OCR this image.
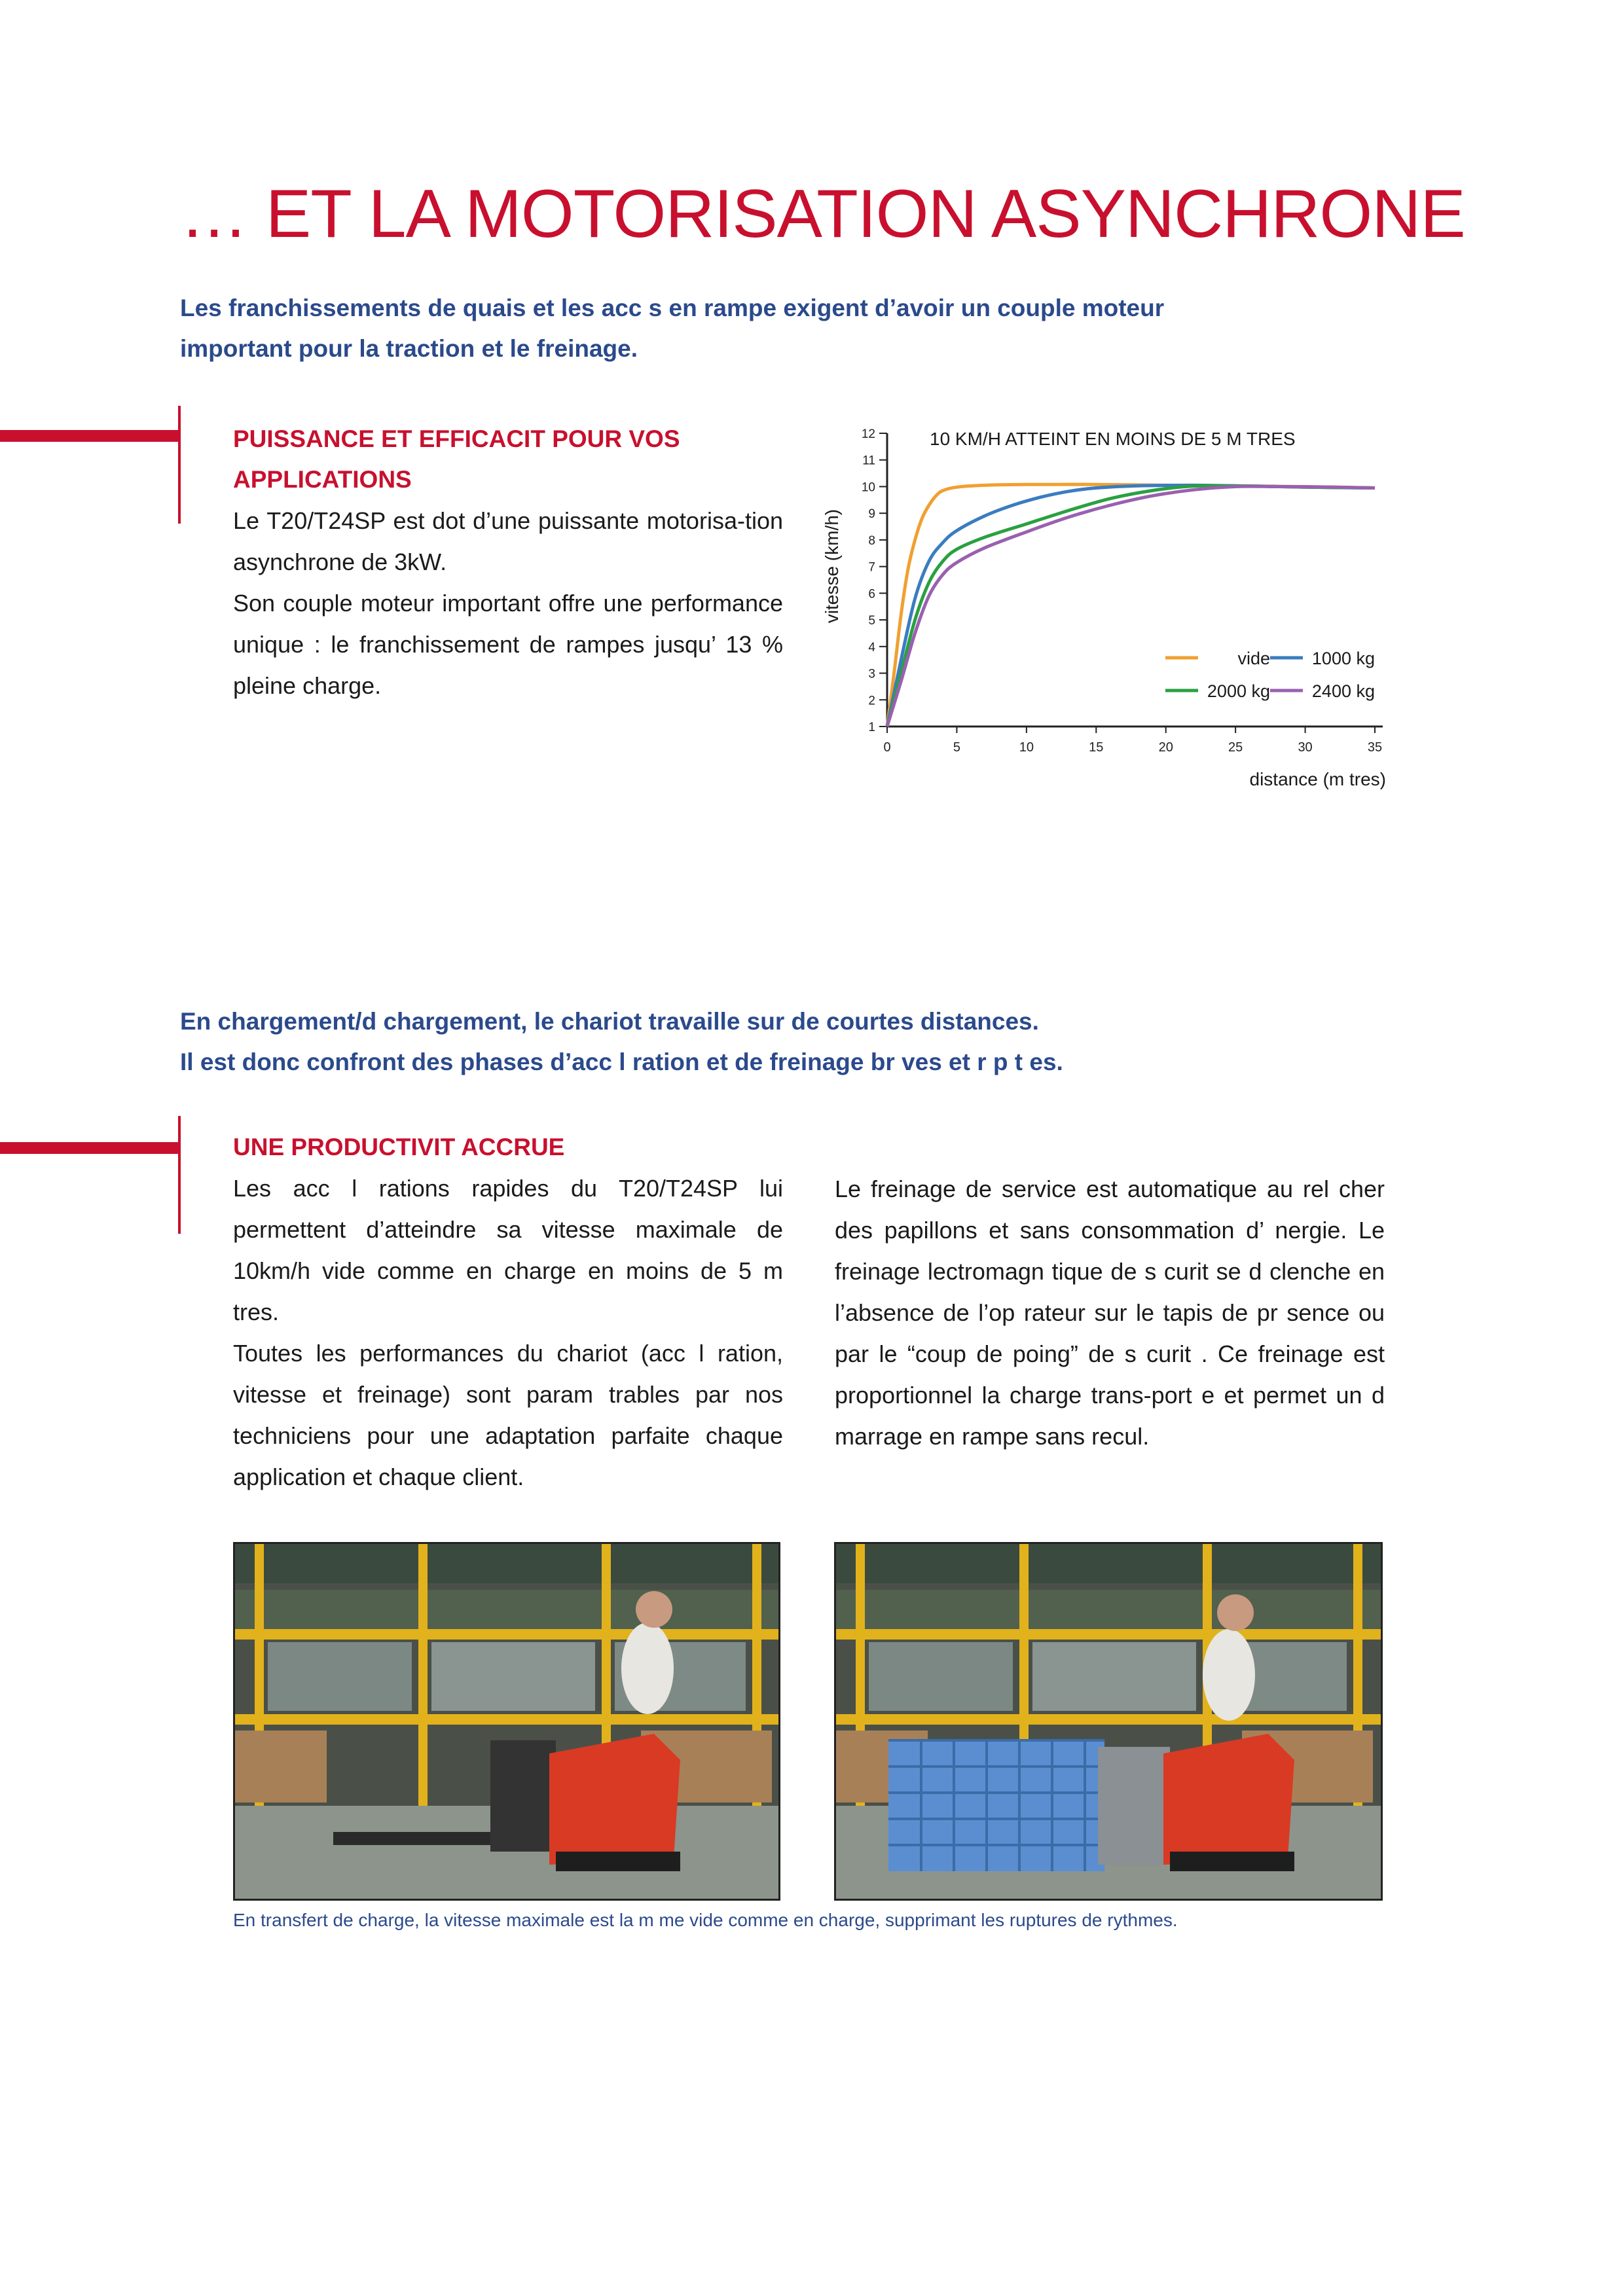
… ET LA MOTORISATION ASYNCHRONE
Les franchissements de quais et les acc s en rampe exigent d’avoir un couple moteur
important pour la traction et le freinage.
PUISSANCE ET EFFICACIT POUR VOS
APPLICATIONS

Le T20/T24SP est dot d’une puissante motorisa-tion asynchrone de 3kW.

Son couple moteur important offre une performance unique : le franchissement de rampes jusqu’ 13 % pleine charge.

1
2
3
4
5
6
7
8
9
10
11
12
0	5	10	15	20	25	30	35
vide 1000 kg
2000 kg 2400 kg
10 KM/H ATTEINT EN MOINS DE 5 M TRES
distance (m tres)
vitesse (km/h)
En chargement/d chargement, le chariot travaille sur de courtes distances.
Il est donc confront des phases d’acc l ration et de freinage br ves et r p t es.
UNE PRODUCTIVIT ACCRUE

Les acc l rations rapides du T20/T24SP lui permettent d’atteindre sa vitesse maximale de 10km/h vide comme en charge en moins de 5 m tres.

Toutes les performances du chariot (acc l ration, vitesse et freinage) sont param trables par nos techniciens pour une adaptation parfaite chaque application et chaque client.

Le freinage de service est automatique au rel cher des papillons et sans consommation d’ nergie. Le freinage lectromagn tique de s curit se d clenche en l’absence de l’op rateur sur le tapis de pr sence ou par le “coup de poing” de s curit . Ce freinage est proportionnel la charge trans-port e et permet un d marrage en rampe sans recul.

En transfert de charge, la vitesse maximale est la m me vide comme en charge, supprimant les ruptures de rythmes.
